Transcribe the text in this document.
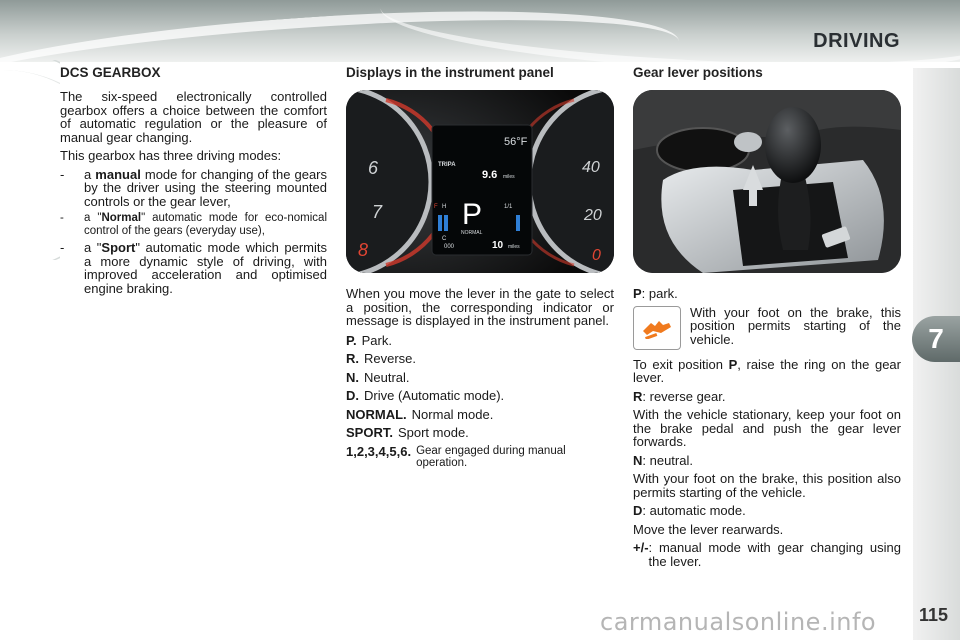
DRIVING
7
115
carmanualsonline.info
DCS GEARBOX

The six-speed electronically controlled gearbox offers a choice between the comfort of automatic regulation or the pleasure of manual gear changing.

This gearbox has three driving modes:

-	a manual mode for changing of the gears by the driver using the steering mounted controls or the gear lever,
-	a "Normal" automatic mode for eco-nomical control of the gears (everyday use),
-	a "Sport" automatic mode which permits a more dynamic style of driving, with improved acceleration and optimised engine braking.
Displays in the instrument panel
6
7
8
40
20
0
56°F
TRIPA
9.6 miles
F H
C
P
NORMAL
1/1
000	10 miles

When you move the lever in the gate to select a position, the corresponding indicator or message is displayed in the instrument panel.

P. Park.
R. Reverse.
N. Neutral.
D. Drive (Automatic mode).
NORMAL. Normal mode.
SPORT. Sport mode.
1,2,3,4,5,6. Gear engaged during manual operation.
Gear lever positions
P : park.
With your foot on the brake, this position permits starting of the vehicle.

To exit position P, raise the ring on the gear lever.

R : reverse gear.

With the vehicle stationary, keep your foot on the brake pedal and push the gear lever forwards.

N : neutral.

With your foot on the brake, this position also permits starting of the vehicle.

D : automatic mode.

Move the lever rearwards.

+/- : manual mode with gear changing using the lever.
